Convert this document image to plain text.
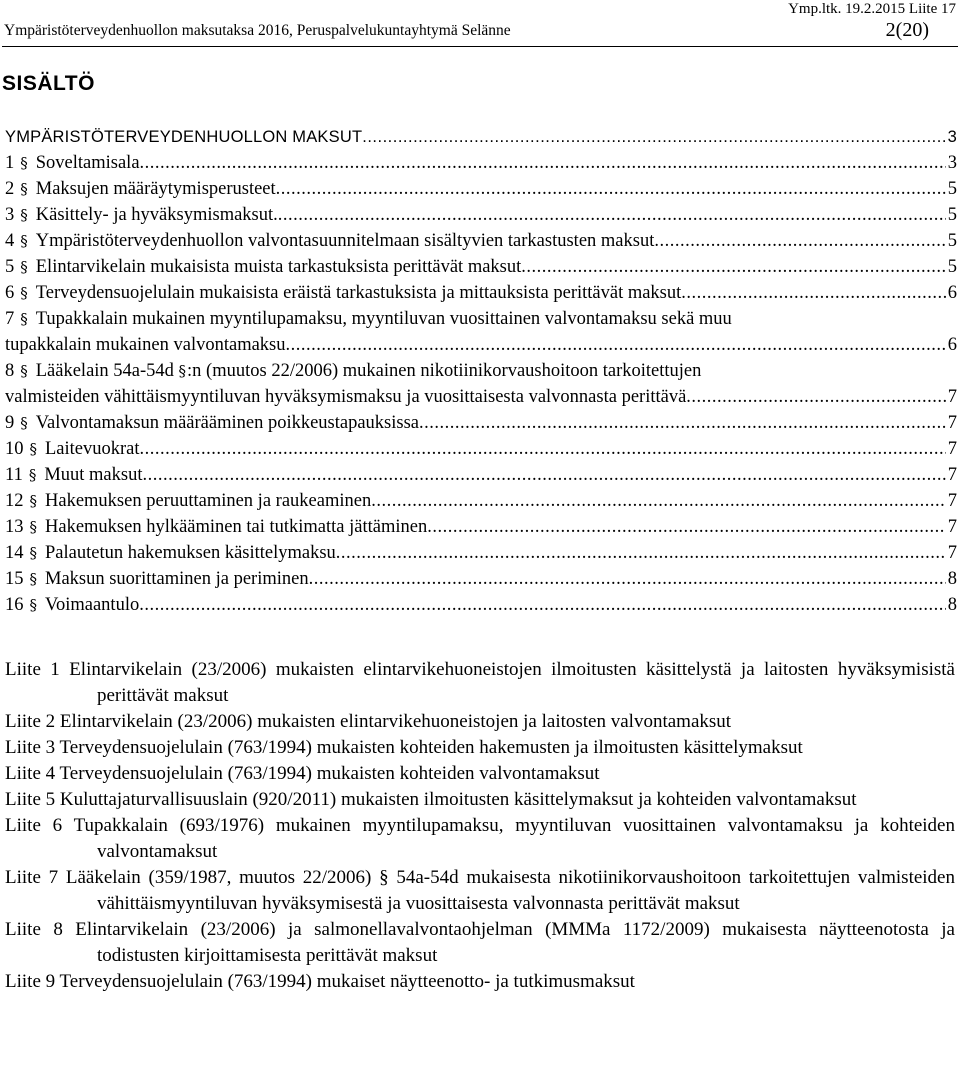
Ymp.ltk. 19.2.2015 Liite 17
Ympäristöterveydenhuollon maksutaksa 2016, Peruspalvelukuntayhtymä Selänne	2(20)
SISÄLTÖ
YMPÄRISTÖTERVEYDENHUOLLON MAKSUT .....	3
1 § Soveltamisala .....	3
2 § Maksujen määräytymisperusteet .....	5
3 § Käsittely- ja hyväksymismaksut. .....	5
4 § Ympäristöterveydenhuollon valvontasuunnitelmaan sisältyvien tarkastusten maksut .....	5
5 § Elintarvikelain mukaisista muista tarkastuksista perittävät maksut .....	5
6 § Terveydensuojelulain mukaisista eräistä tarkastuksista ja mittauksista perittävät maksut .....	6
7 § Tupakkalain mukainen myyntilupamaksu, myyntiluvan vuosittainen valvontamaksu sekä muu
tupakkalain mukainen valvontamaksu .....	6
8 § Lääkelain 54a-54d §:n (muutos 22/2006) mukainen nikotiinikorvaushoitoon tarkoitettujen
valmisteiden vähittäismyyntiluvan hyväksymismaksu ja vuosittaisesta valvonnasta perittävä .....	7
9 § Valvontamaksun määrääminen poikkeustapauksissa .....	7
10 § Laitevuokrat .....	7
11 § Muut maksut .....	7
12 § Hakemuksen peruuttaminen ja raukeaminen .....	7
13 § Hakemuksen hylkääminen tai tutkimatta jättäminen .....	7
14 § Palautetun hakemuksen käsittelymaksu .....	7
15 § Maksun suorittaminen ja periminen .....	8
16 § Voimaantulo .....	8
Liite 1 Elintarvikelain (23/2006) mukaisten elintarvikehuoneistojen ilmoitusten käsittelystä ja laitosten hyväksymisistä perittävät maksut
Liite 2 Elintarvikelain (23/2006) mukaisten elintarvikehuoneistojen ja laitosten valvontamaksut
Liite 3 Terveydensuojelulain (763/1994) mukaisten kohteiden hakemusten ja ilmoitusten käsittelymaksut
Liite 4 Terveydensuojelulain (763/1994) mukaisten kohteiden valvontamaksut
Liite 5 Kuluttajaturvallisuuslain (920/2011) mukaisten ilmoitusten käsittelymaksut ja kohteiden valvontamaksut
Liite 6 Tupakkalain (693/1976) mukainen myyntilupamaksu, myyntiluvan vuosittainen valvontamaksu ja kohteiden valvontamaksut
Liite 7 Lääkelain (359/1987, muutos 22/2006) § 54a-54d mukaisesta nikotiinikorvaushoitoon tarkoitettujen valmisteiden vähittäismyyntiluvan hyväksymisestä ja vuosittaisesta valvonnasta perittävät maksut
Liite 8 Elintarvikelain (23/2006) ja salmonellavalvontaohjelman (MMMa 1172/2009) mukaisesta näytteenotosta ja todistusten kirjoittamisesta perittävät maksut
Liite 9 Terveydensuojelulain (763/1994) mukaiset näytteenotto- ja tutkimusmaksut
